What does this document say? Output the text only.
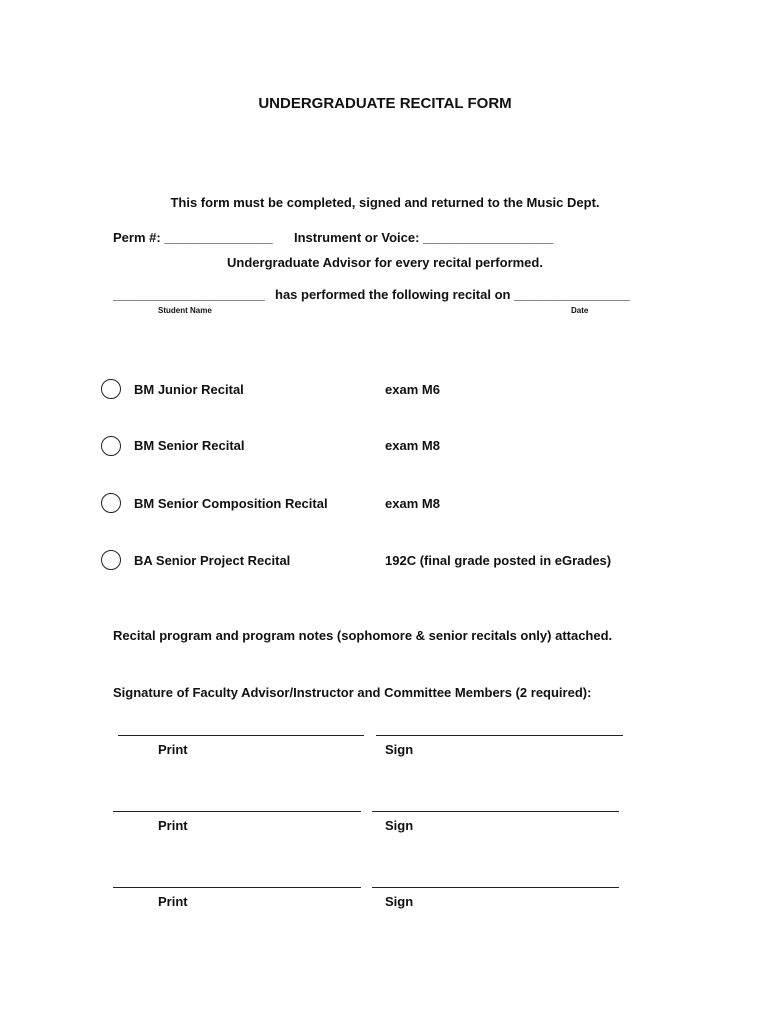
UNDERGRADUATE RECITAL FORM

This form must be completed, signed and returned to the Music Dept.

Undergraduate Advisor for every recital performed.

Perm #: _______________ Instrument or Voice: __________________
_____________________ has performed the following recital on ________________
Student Name	Date
BM Junior Recital	exam M6
BM Senior Recital	exam M8
BM Senior Composition Recital	exam M8
BA Senior Project Recital	192C (final grade posted in eGrades)
Recital program and program notes (sophomore & senior recitals only) attached.
Signature of Faculty Advisor/Instructor and Committee Members (2 required):
Print	Sign
Print	Sign
Print	Sign
